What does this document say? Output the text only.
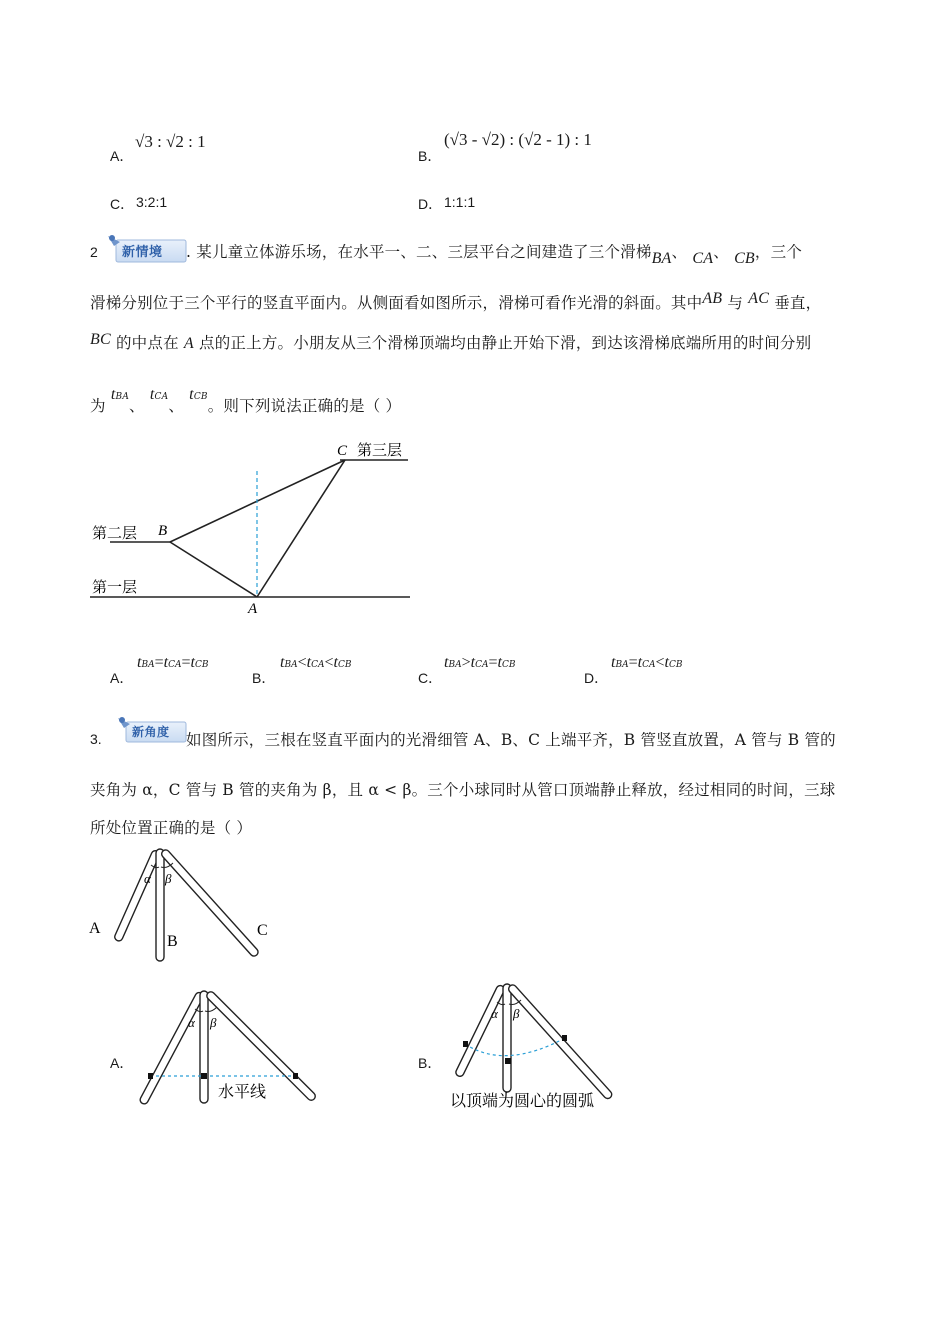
A．
√3 : √2 : 1
B．
(√3 - √2) : (√2 - 1) : 1
C． 3:2:1	D． 1:1:1
2 新情境 . 某儿童立体游乐场，在水平一、二、三层平台之间建造了三个滑梯BA、 CA、 CB，三个
滑梯分别位于三个平行的竖直平面内。从侧面看如图所示，滑梯可看作光滑的斜面。其中AB 与 AC 垂直，
BC 的中点在 A 点的正上方。小朋友从三个滑梯顶端均由静止开始下滑，到达该滑梯底端所用的时间分别
为 tBA、 tCA、 tCB。则下列说法正确的是（ ）
C 第三层
B
第二层
A
第一层
A．
tBA=tCA=tCB
B．
tBA<tCA<tCB
C．
tBA>tCA=tCB
D．
tBA=tCA<tCB
3.	新角度 如图所示，三根在竖直平面内的光滑细管 A、B、C 上端平齐，B 管竖直放置，A 管与 B 管的
夹角为 α，C 管与 B 管的夹角为 β，且 α < β。三个小球同时从管口顶端静止释放，经过相同的时间，三球
所处位置正确的是（ ）
α β
A
B
C
A．
α β
水平线
B．
α β
以顶端为圆心的圆弧
